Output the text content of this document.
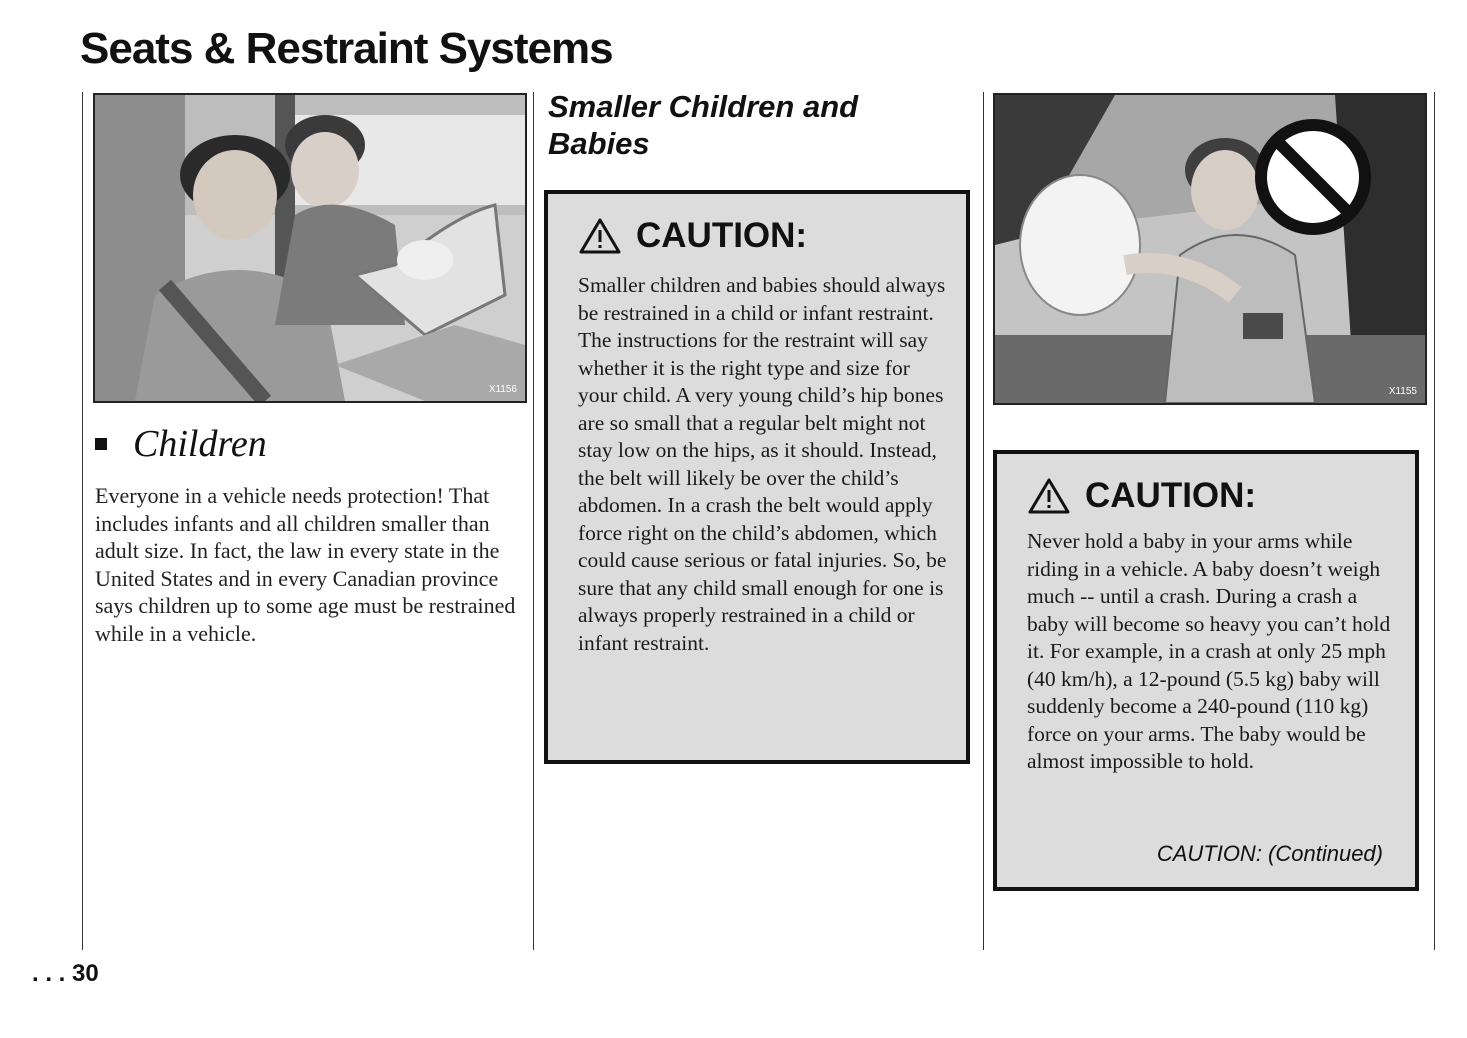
Seats & Restraint Systems
X1156
Children
Everyone in a vehicle needs protection! That includes infants and all children smaller than adult size. In fact, the law in every state in the United States and in every Canadian province says children up to some age must be restrained while in a vehicle.
Smaller Children and Babies
CAUTION:
Smaller children and babies should always be restrained in a child or infant restraint. The instructions for the restraint will say whether it is the right type and size for your child. A very young child’s hip bones are so small that a regular belt might not stay low on the hips, as it should. Instead, the belt will likely be over the child’s abdomen. In a crash the belt would apply force right on the child’s abdomen, which could cause serious or fatal injuries. So, be sure that any child small enough for one is always properly restrained in a child or infant restraint.
X1155
CAUTION:
Never hold a baby in your arms while riding in a vehicle. A baby doesn’t weigh much -- until a crash. During a crash a baby will become so heavy you can’t hold it. For example, in a crash at only 25 mph (40 km/h), a 12-pound (5.5 kg) baby will suddenly become a 240-pound (110 kg) force on your arms. The baby would be almost impossible to hold.
CAUTION: (Continued)
. . . 30
